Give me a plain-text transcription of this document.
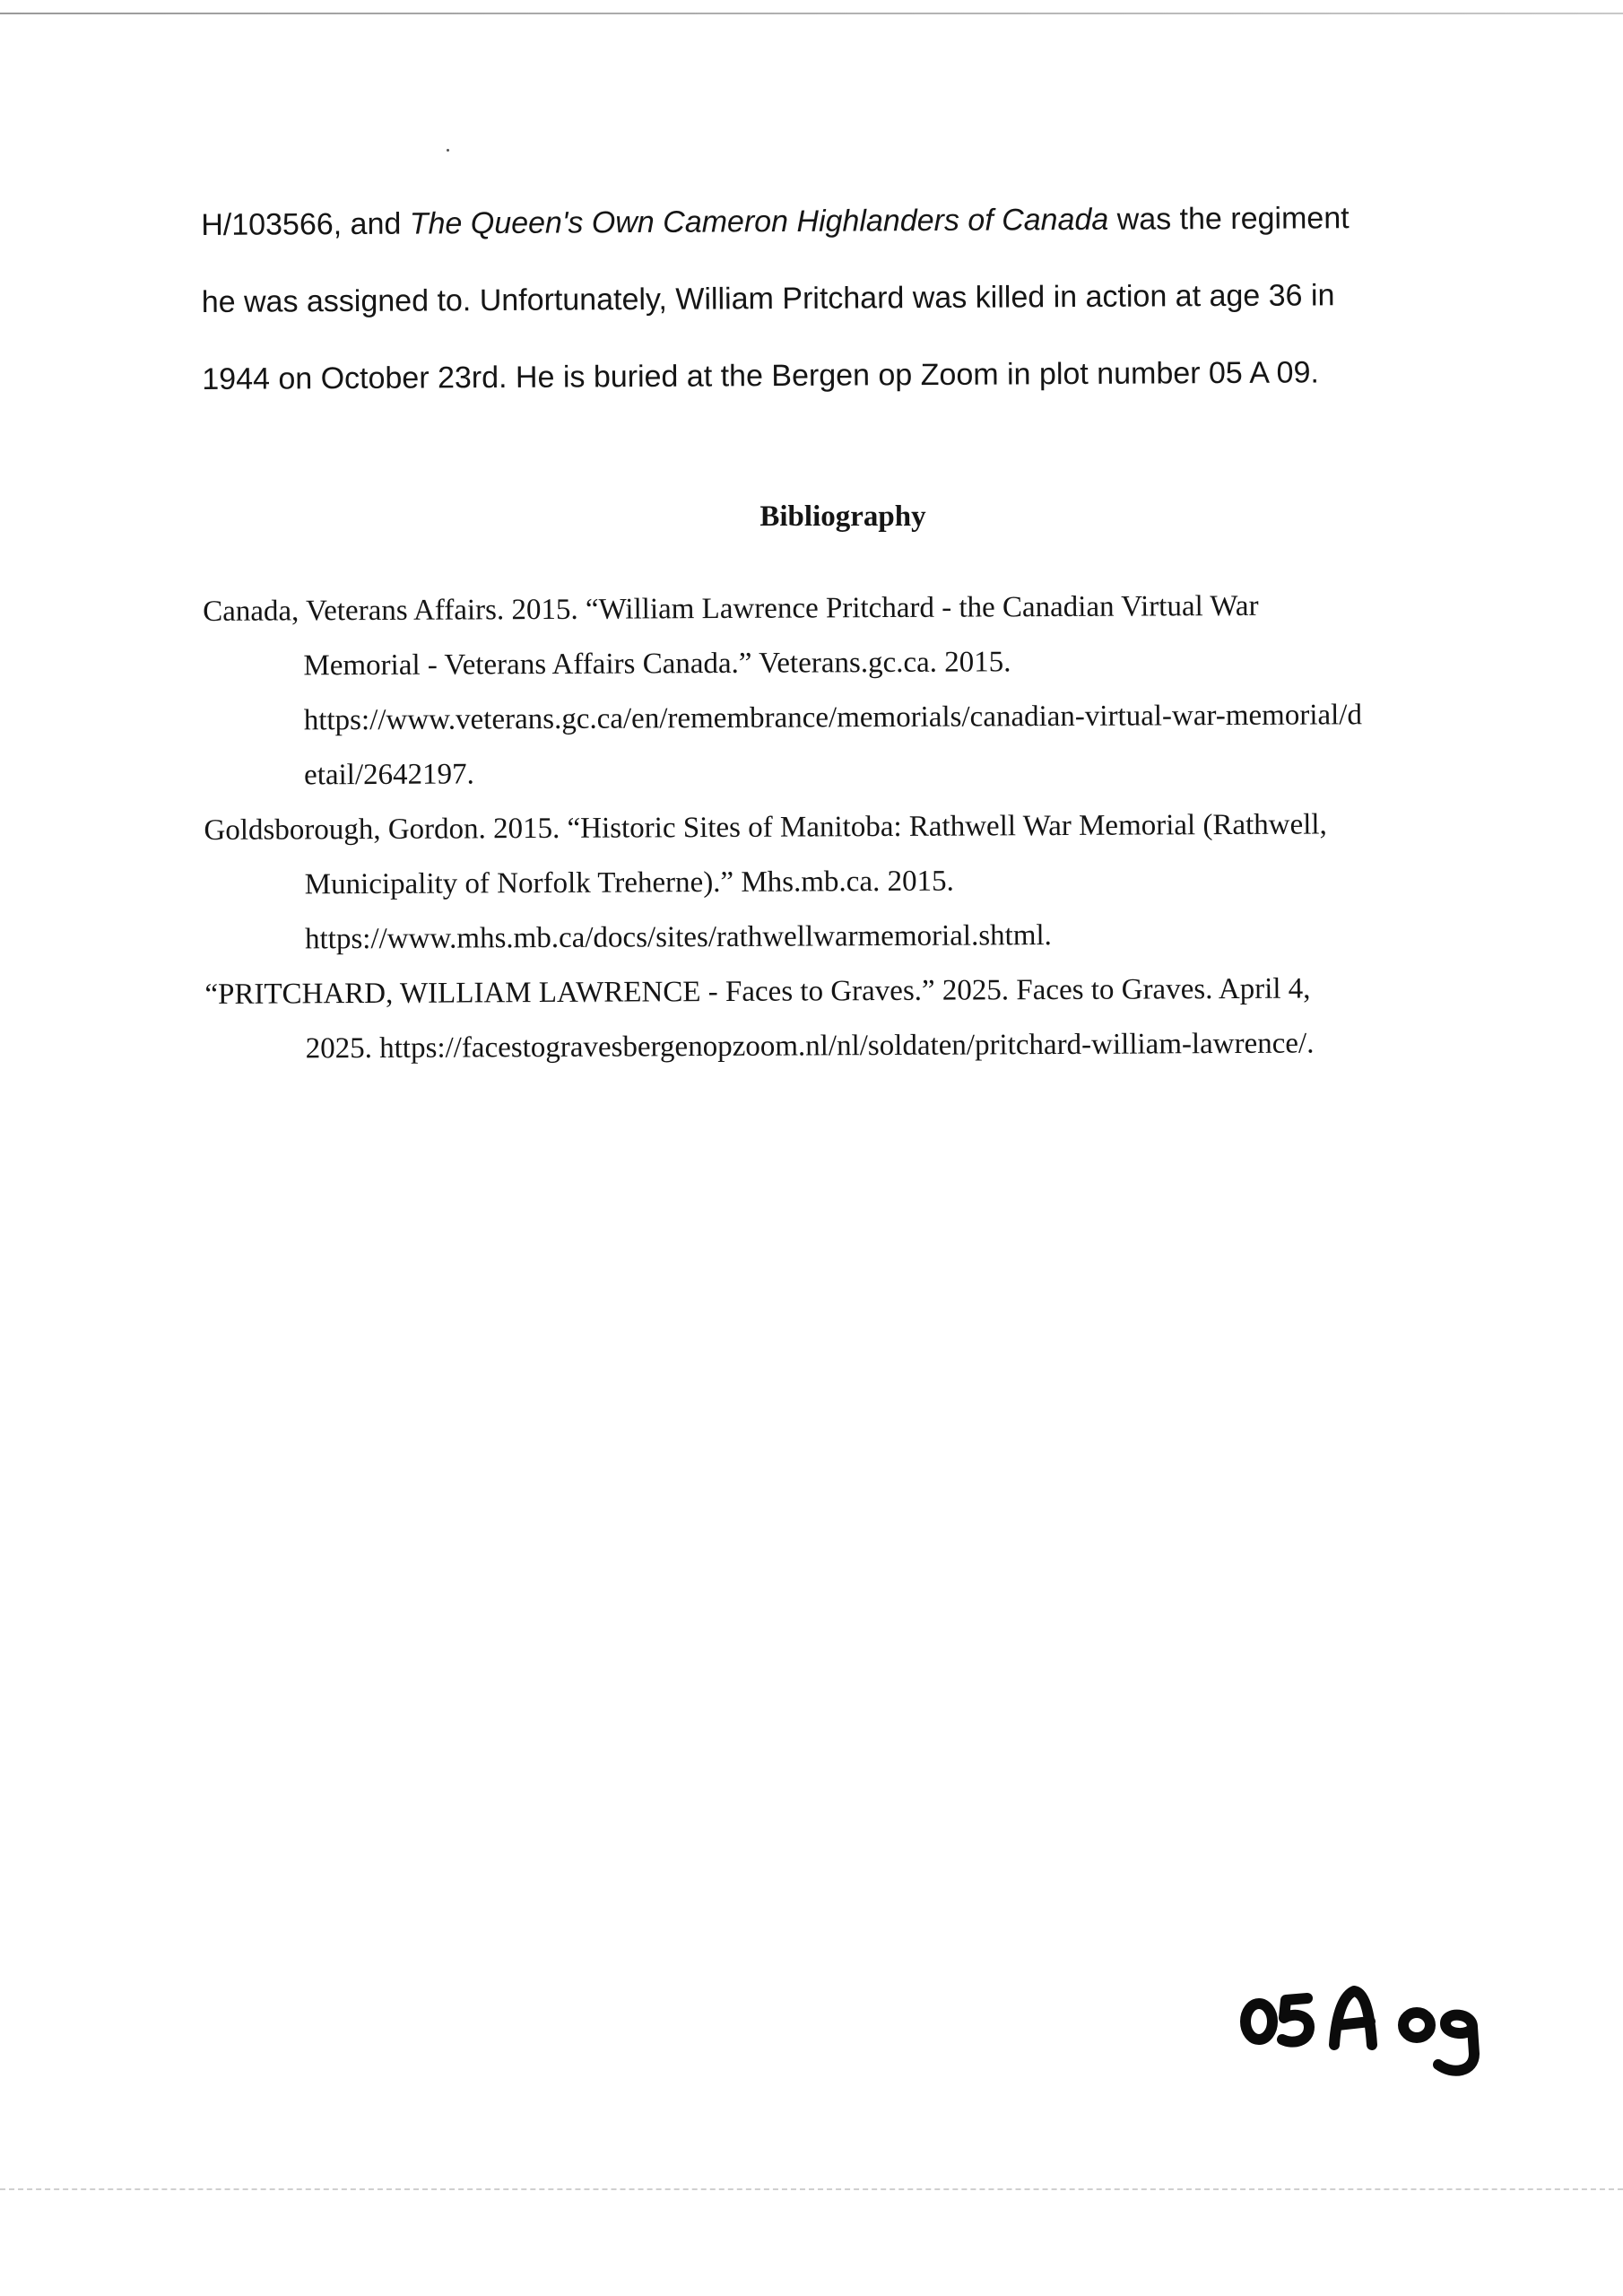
H/103566, and The Queen's Own Cameron Highlanders of Canada was the regiment
he was assigned to. Unfortunately, William Pritchard was killed in action at age 36 in
1944 on October 23rd. He is buried at the Bergen op Zoom in plot number 05 A 09.
Bibliography
Canada, Veterans Affairs. 2015. “William Lawrence Pritchard - the Canadian Virtual War
Memorial - Veterans Affairs Canada.” Veterans.gc.ca. 2015.
https://www.veterans.gc.ca/en/remembrance/memorials/canadian-virtual-war-memorial/d
etail/2642197.
Goldsborough, Gordon. 2015. “Historic Sites of Manitoba: Rathwell War Memorial (Rathwell,
Municipality of Norfolk Treherne).” Mhs.mb.ca. 2015.
https://www.mhs.mb.ca/docs/sites/rathwellwarmemorial.shtml.
“PRITCHARD, WILLIAM LAWRENCE - Faces to Graves.” 2025. Faces to Graves. April 4,
2025. https://facestogravesbergenopzoom.nl/nl/soldaten/pritchard-william-lawrence/.
